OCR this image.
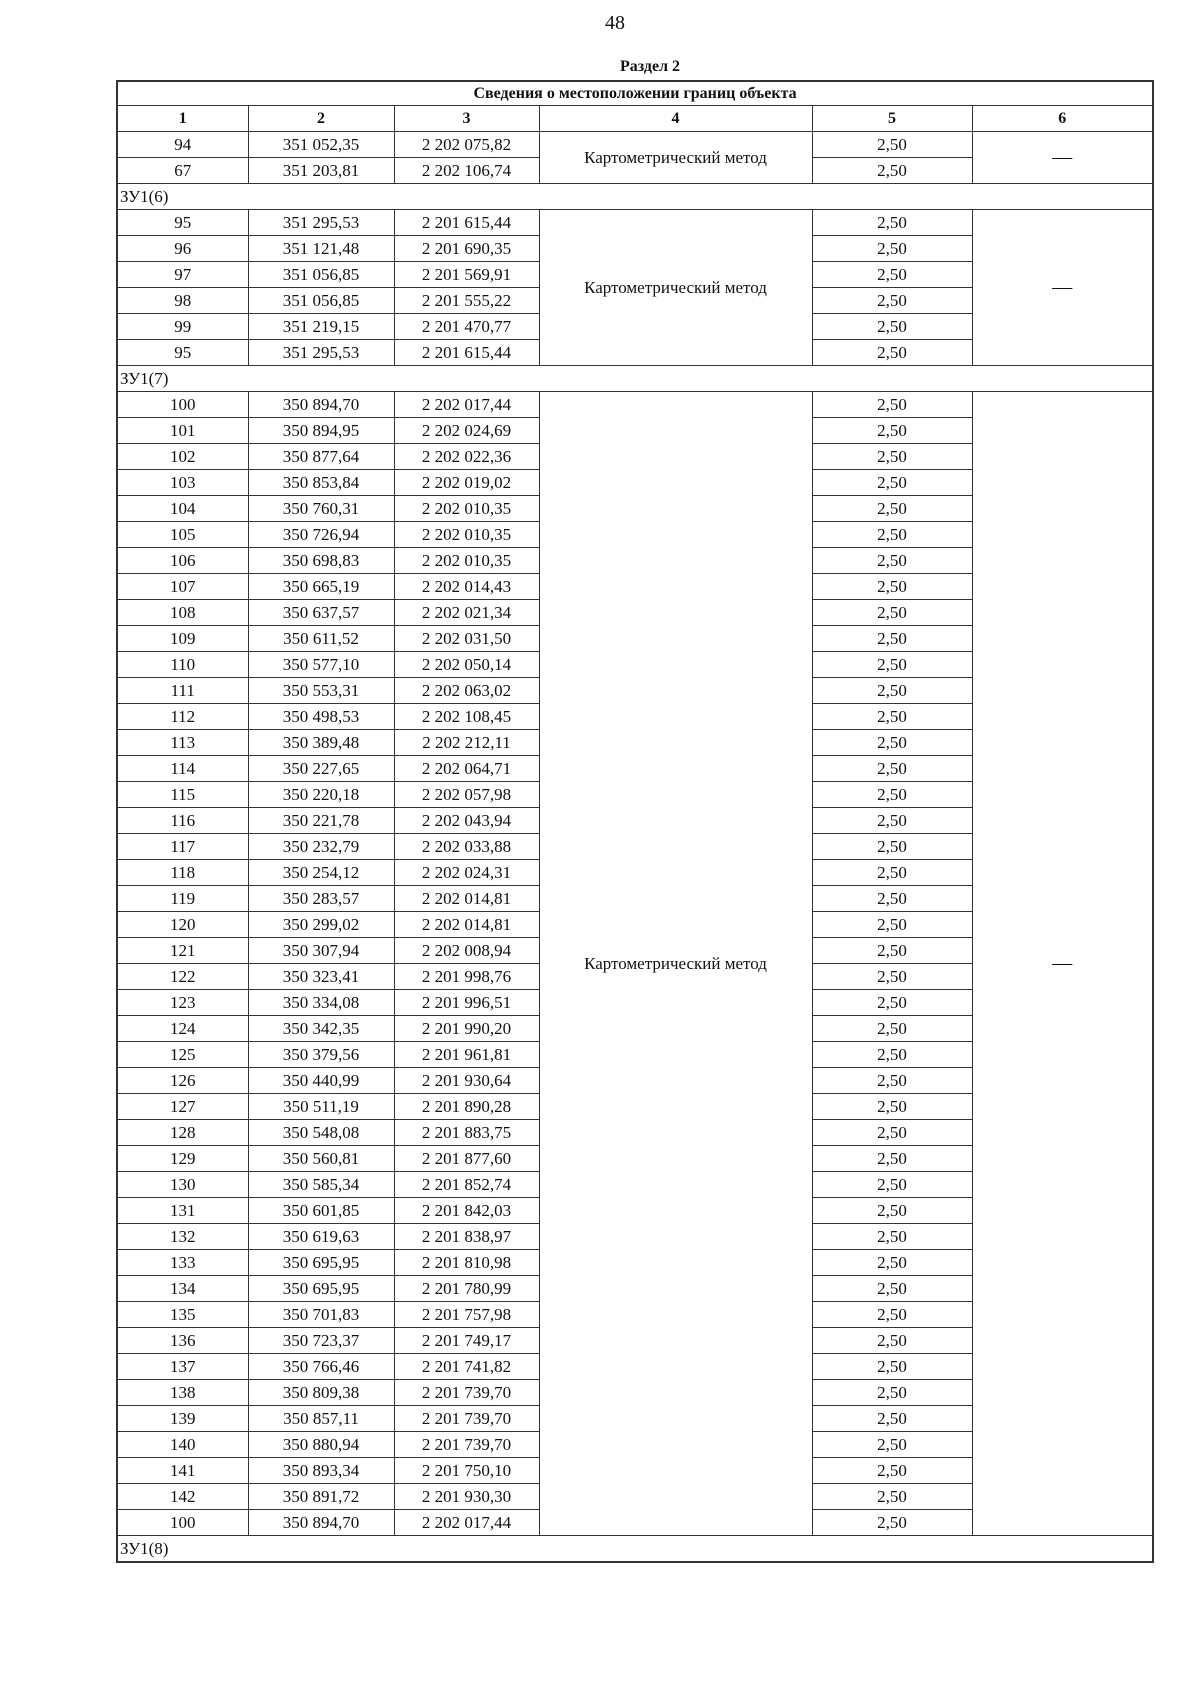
48
Раздел 2
Сведения о местоположении границ объекта					
1	2	3	4	5	6
94	351 052,35	2 202 075,82	Картометрический метод	2,50	—
67	351 203,81	2 202 106,74		2,50	
ЗУ1(6)					
95	351 295,53	2 201 615,44	Картометрический метод	2,50	—
96	351 121,48	2 201 690,35		2,50	
97	351 056,85	2 201 569,91		2,50	
98	351 056,85	2 201 555,22		2,50	
99	351 219,15	2 201 470,77		2,50	
95	351 295,53	2 201 615,44		2,50	
ЗУ1(7)					
100	350 894,70	2 202 017,44	Картометрический метод	2,50	—
101	350 894,95	2 202 024,69		2,50	
102	350 877,64	2 202 022,36		2,50	
103	350 853,84	2 202 019,02		2,50	
104	350 760,31	2 202 010,35		2,50	
105	350 726,94	2 202 010,35		2,50	
106	350 698,83	2 202 010,35		2,50	
107	350 665,19	2 202 014,43		2,50	
108	350 637,57	2 202 021,34		2,50	
109	350 611,52	2 202 031,50		2,50	
110	350 577,10	2 202 050,14		2,50	
111	350 553,31	2 202 063,02		2,50	
112	350 498,53	2 202 108,45		2,50	
113	350 389,48	2 202 212,11		2,50	
114	350 227,65	2 202 064,71		2,50	
115	350 220,18	2 202 057,98		2,50	
116	350 221,78	2 202 043,94		2,50	
117	350 232,79	2 202 033,88		2,50	
118	350 254,12	2 202 024,31		2,50	
119	350 283,57	2 202 014,81		2,50	
120	350 299,02	2 202 014,81		2,50	
121	350 307,94	2 202 008,94		2,50	
122	350 323,41	2 201 998,76		2,50	
123	350 334,08	2 201 996,51		2,50	
124	350 342,35	2 201 990,20		2,50	
125	350 379,56	2 201 961,81		2,50	
126	350 440,99	2 201 930,64		2,50	
127	350 511,19	2 201 890,28		2,50	
128	350 548,08	2 201 883,75		2,50	
129	350 560,81	2 201 877,60		2,50	
130	350 585,34	2 201 852,74		2,50	
131	350 601,85	2 201 842,03		2,50	
132	350 619,63	2 201 838,97		2,50	
133	350 695,95	2 201 810,98		2,50	
134	350 695,95	2 201 780,99		2,50	
135	350 701,83	2 201 757,98		2,50	
136	350 723,37	2 201 749,17		2,50	
137	350 766,46	2 201 741,82		2,50	
138	350 809,38	2 201 739,70		2,50	
139	350 857,11	2 201 739,70		2,50	
140	350 880,94	2 201 739,70		2,50	
141	350 893,34	2 201 750,10		2,50	
142	350 891,72	2 201 930,30		2,50	
100	350 894,70	2 202 017,44		2,50	
ЗУ1(8)					
